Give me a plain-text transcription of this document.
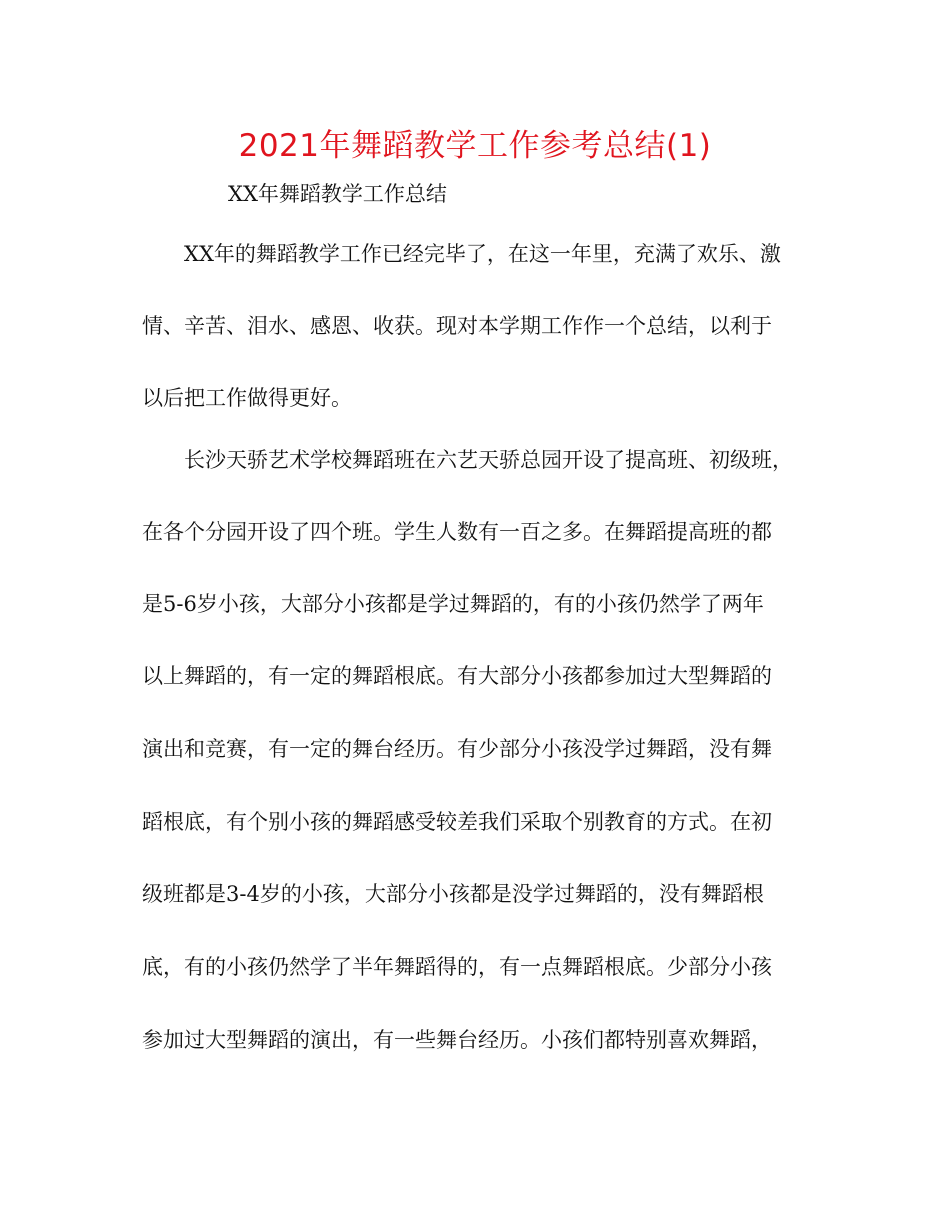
2021年舞蹈教学工作参考总结(1)

XX年舞蹈教学工作总结

XX年的舞蹈教学工作已经完毕了，在这一年里，充满了欢乐、激

情、辛苦、泪水、感恩、收获。现对本学期工作作一个总结，以利于

以后把工作做得更好。

长沙天骄艺术学校舞蹈班在六艺天骄总园开设了提高班、初级班，

在各个分园开设了四个班。学生人数有一百之多。在舞蹈提高班的都

是5-6岁小孩，大部分小孩都是学过舞蹈的，有的小孩仍然学了两年

以上舞蹈的，有一定的舞蹈根底。有大部分小孩都参加过大型舞蹈的

演出和竞赛，有一定的舞台经历。有少部分小孩没学过舞蹈，没有舞

蹈根底，有个别小孩的舞蹈感受较差我们采取个别教育的方式。在初

级班都是3-4岁的小孩，大部分小孩都是没学过舞蹈的，没有舞蹈根

底，有的小孩仍然学了半年舞蹈得的，有一点舞蹈根底。少部分小孩

参加过大型舞蹈的演出，有一些舞台经历。小孩们都特别喜欢舞蹈，
